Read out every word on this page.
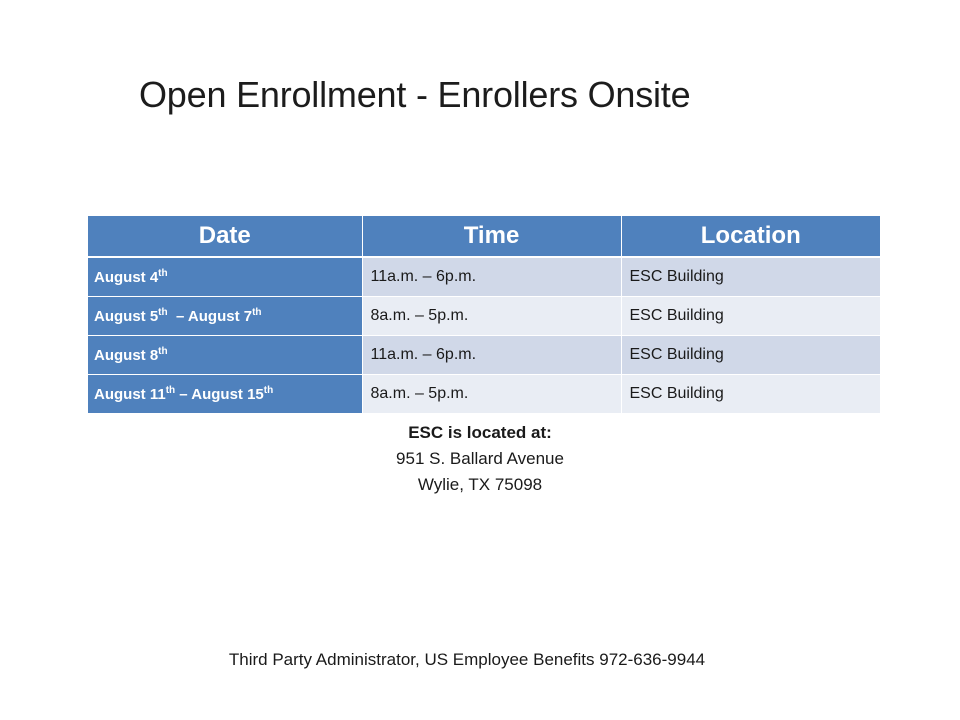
Open Enrollment - Enrollers Onsite
Date	Time	Location
August 4th	11a.m. – 6p.m.	ESC Building
August 5th  – August 7th	8a.m. – 5p.m.	ESC Building
August 8th	11a.m. – 6p.m.	ESC Building
August 11th – August 15th	8a.m. – 5p.m.	ESC Building
ESC is located at:
951 S. Ballard Avenue
Wylie, TX 75098
Third Party Administrator, US Employee Benefits 972-636-9944
